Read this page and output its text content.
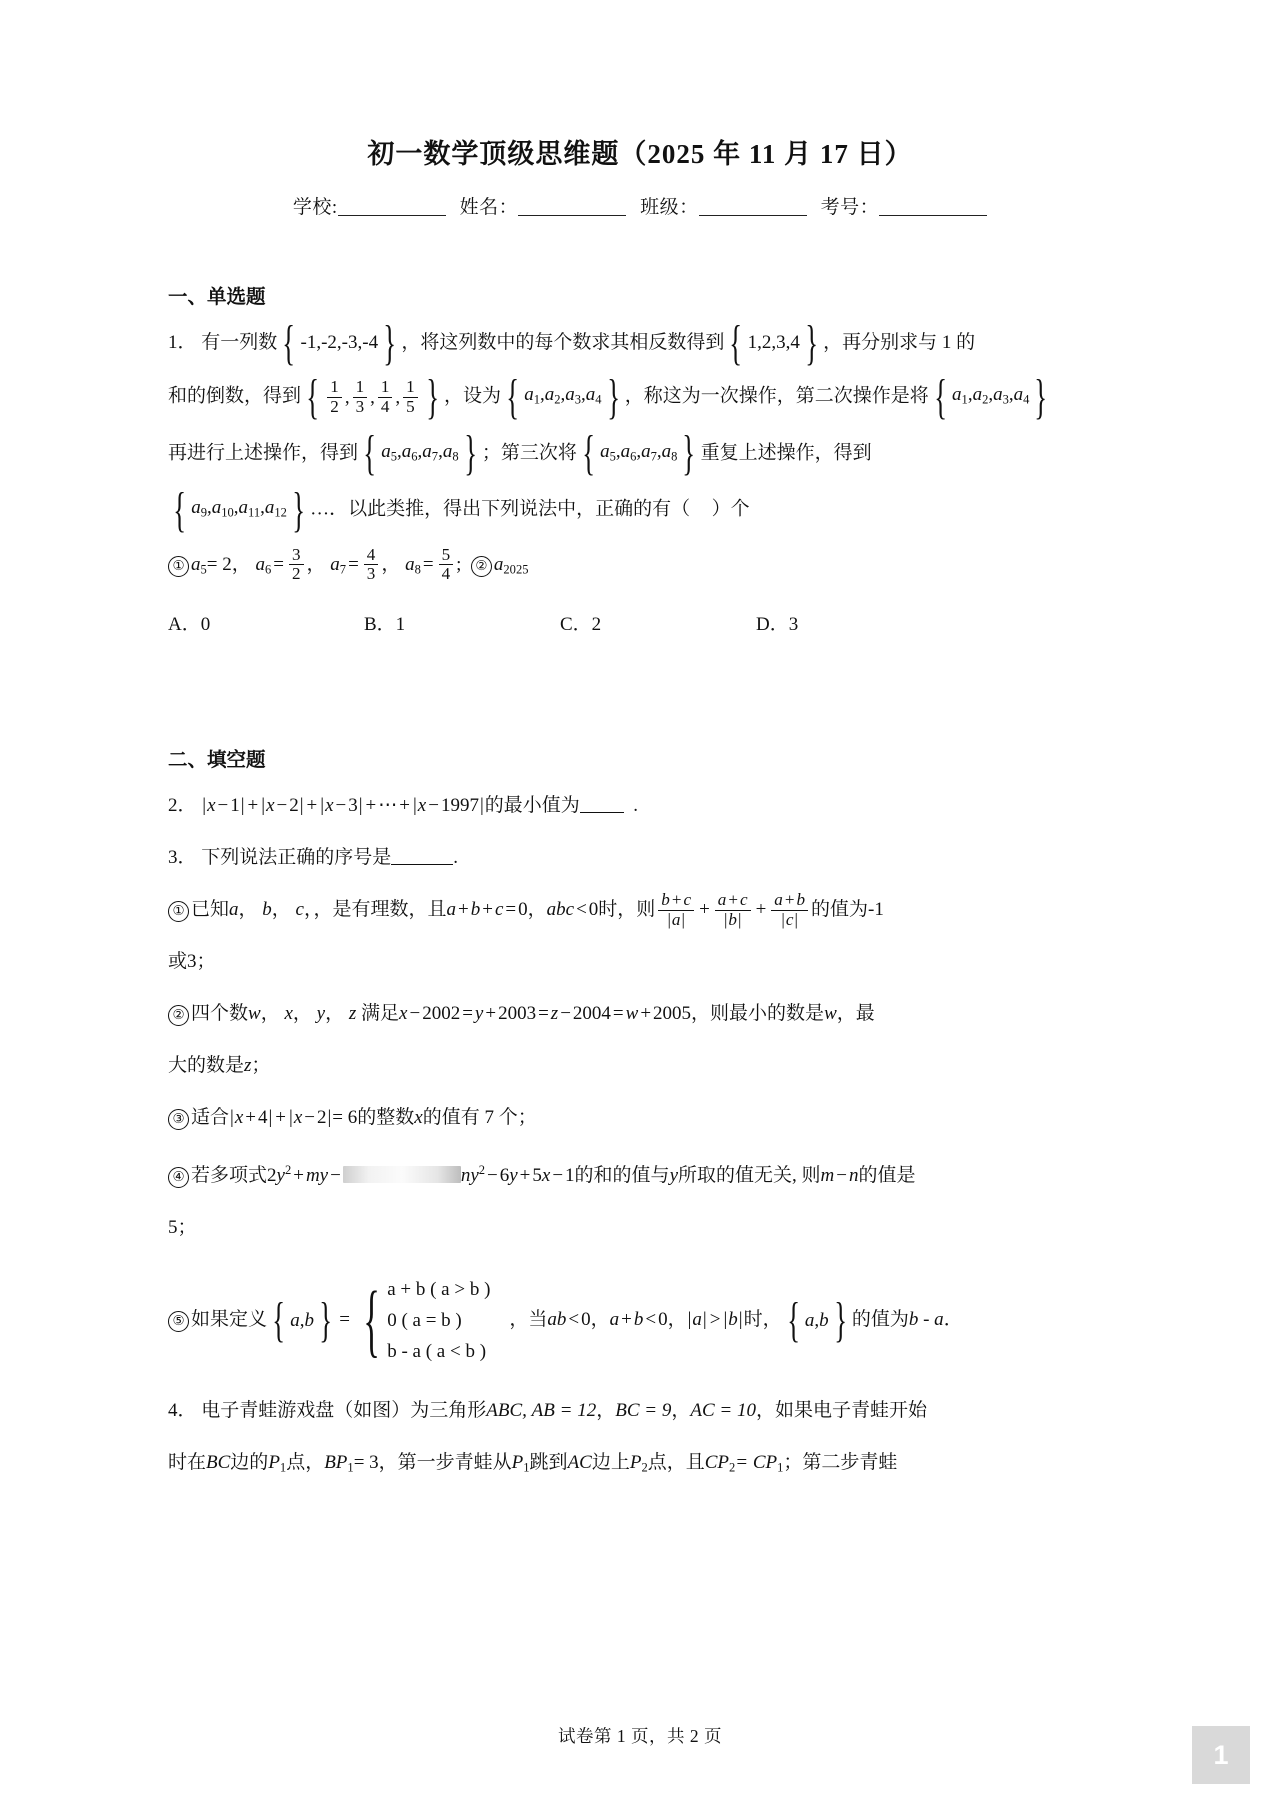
初一数学顶级思维题（2025 年 11 月 17 日）
学校:	姓名：	班级：	考号：
一、单选题
1． 有一列数 { -1,-2,-3,-4 } ，将这列数中的每个数求其相反数得到 { 1,2,3,4 } ，再分别求与 1 的
和的倒数，得到 { $\frac{1}{2}$ , $\frac{1}{3}$ , $\frac{1}{4}$ , $\frac{1}{5}$ } ，设为 { $a_1,a_2,a_3,a_4$ } ，称这为一次操作，第二次操作是将 { $a_1,a_2,a_3,a_4$ }
再进行上述操作，得到 { $a_5,a_6,a_7,a_8$ } ；第三次将 { $a_5,a_6,a_7,a_8$ } 重复上述操作，得到
{ $a_9,a_{10},a_{11},a_{12}$ } …．以此类推，得出下列说法中，正确的有（ ）个
① $a_5= 2$， $a_6 = \frac{3}{2}$ ， $a_7 = \frac{4}{3}$ ， $a_8 = \frac{5}{4}$ ; ② $a_{2025}$
A．0	B．1	C．2	D．3
二、填空题
2． |x − 1| + |x − 2| + |x − 3| + ⋯ + |x − 1997|的最小值为	.
3． 下列说法正确的序号是	.
① 已知a， b， c，，是有理数，且a + b + c = 0，abc < 0时，则 $\frac{b + c}{|a|} + \frac{a + c}{|b|} + \frac{a + b}{|c|}$ 的值为-1
或3；
② 四个数w， x， y， z 满足x − 2002 = y + 2003 = z − 2004 = w + 2005，则最小的数是w，最
大的数是z；
③ 适合|x + 4| + |x − 2|= 6的整数x的值有 7 个；
④ 若多项式$2y^2$ + my −	$ny^2 - 6y + 5x - 1$的和的值与y所取的值无关, 则m − n的值是
5；
⑤ 如果定义 { a,b } = { a + b ( a > b )
0 ( a = b )
b - a ( a < b )
，当ab < 0，a + b < 0，|a| > |b|时， { a,b } 的值为b - a．
4． 电子青蛙游戏盘（如图）为三角形ABC, AB = 12，BC = 9，AC = 10，如果电子青蛙开始
时在BC边的$P_1$点，$BP_1= 3$，第一步青蛙从$P_1$跳到AC边上$P_2$点，且$CP_2= CP_1$；第二步青蛙
试卷第 1 页，共 2 页
1
